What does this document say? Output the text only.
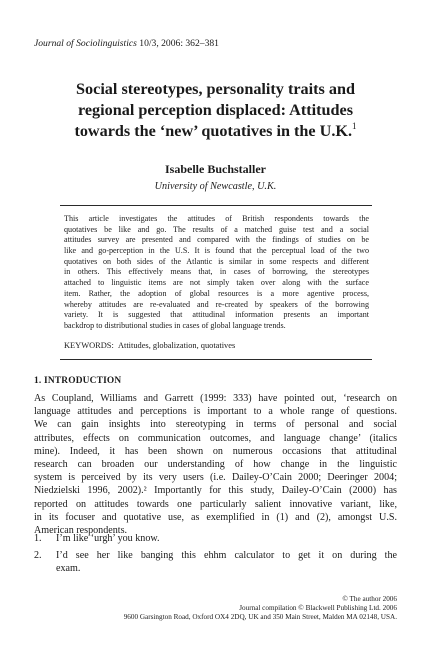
Journal of Sociolinguistics 10/3, 2006: 362–381
Social stereotypes, personality traits and
regional perception displaced: Attitudes
towards the ‘new’ quotatives in the U.K.$^1$
Isabelle Buchstaller
University of Newcastle, U.K.
This article investigates the attitudes of British respondents towards the
quotatives be like and go. The results of a matched guise test and a social
attitudes survey are presented and compared with the findings of studies on be
like and go-perception in the U.S. It is found that the perceptual load of the two
quotatives on both sides of the Atlantic is similar in some respects and different
in others. This effectively means that, in cases of borrowing, the stereotypes
attached to linguistic items are not simply taken over along with the surface
item. Rather, the adoption of global resources is a more agentive process,
whereby attitudes are re-evaluated and re-created by speakers of the borrowing
variety. It is suggested that attitudinal information presents an important
backdrop to distributional studies in cases of global language trends.
KEYWORDS: Attitudes, globalization, quotatives
1. INTRODUCTION
As Coupland, Williams and Garrett (1999: 333) have pointed out, ‘research on
language attitudes and perceptions is important to a whole range of questions.
We can gain insights into stereotyping in terms of personal and social
attributes, effects on communication outcomes, and language change’ (italics
mine). Indeed, it has been shown on numerous occasions that attitudinal
research can broaden our understanding of how change in the linguistic
system is perceived by its very users (i.e. Dailey-O’Cain 2000; Deeringer 2004;
Niedzielski 1996, 2002).² Importantly for this study, Dailey-O’Cain (2000) has
reported on attitudes towards one particularly salient innovative variant, like,
in its focuser and quotative use, as exemplified in (1) and (2), amongst U.S.
American respondents.
1. I’m like ‘urgh’ you know.
2. I’d see her like banging this ehhm calculator to get it on during the
exam.
© The author 2006
Journal compilation © Blackwell Publishing Ltd. 2006
9600 Garsington Road, Oxford OX4 2DQ, UK and 350 Main Street, Malden MA 02148, USA.
